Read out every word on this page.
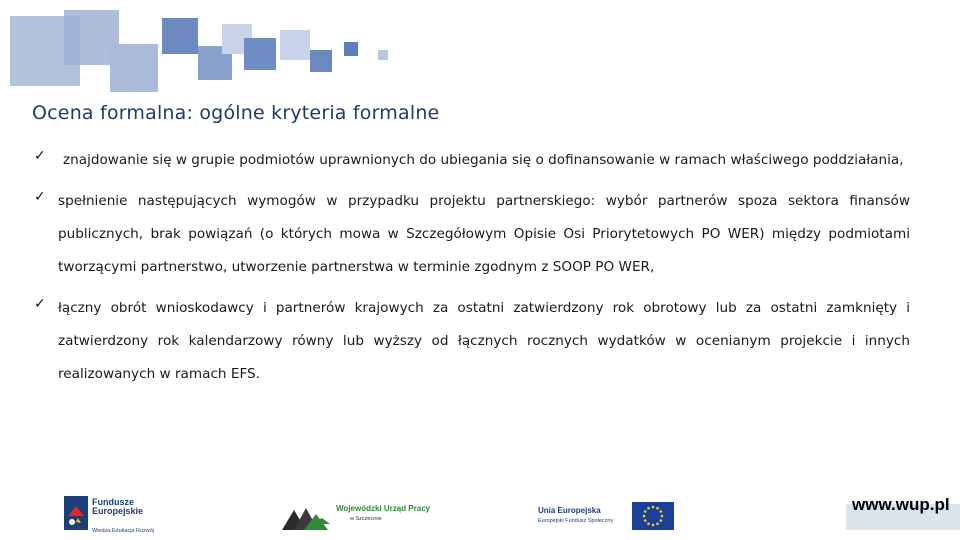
Ocena formalna: ogólne kryteria formalne
✓	znajdowanie się w grupie podmiotów uprawnionych do ubiegania się o dofinansowanie w ramach właściwego poddziałania,
✓ spełnienie następujących wymogów w przypadku projektu partnerskiego: wybór partnerów spoza sektora finansów publicznych, brak powiązań (o których mowa w Szczegółowym Opisie Osi Priorytetowych PO WER) między podmiotami tworzącymi partnerstwo, utworzenie partnerstwa w terminie zgodnym z SOOP PO WER,
✓ łączny obrót wnioskodawcy i partnerów krajowych za ostatni zatwierdzony rok obrotowy lub za ostatni zamknięty i zatwierdzony rok kalendarzowy równy lub wyższy od łącznych rocznych wydatków w ocenianym projekcie i innych realizowanych w ramach EFS.
Fundusze
Europejskie
Wiedza Edukacja Rozwój
Wojewódzki Urząd Pracy
w Szczecinie
Unia Europejska
Europejski Fundusz Społeczny
www.wup.pl
